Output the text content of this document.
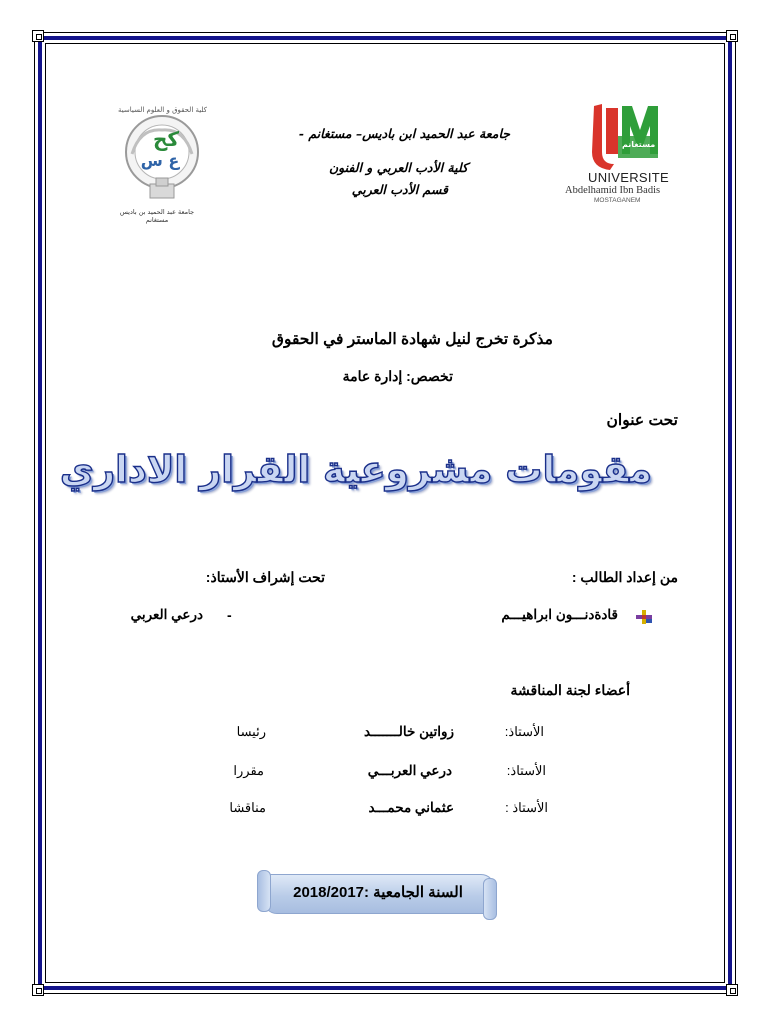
كح
ع س
كلية الحقوق و العلوم السياسية
جامعة عبد الحميد بن باديس مستغانم
جامعة مستغانم
UNIVERSITE
Abdelhamid Ibn Badis
MOSTAGANEM
جامعة عبد الحميد ابن باديس– مستغانم -
كلية الأدب العربي و الفنون
قسم الأدب العربي
مذكرة تخرج لنيل شهادة الماستر في الحقوق
تخصص: إدارة عامة
تحت عنوان
مقومات مشروعية القرار الاداري
من إعداد الطالب :
تحت إشراف الأستاذ:
قادةدنـــون ابراهيـــم
-
درعي العربي
أعضاء لجنة المناقشة
الأستاذ:
زواتين خالـــــــد
رئيسا
الأستاذ:
درعي العربـــي
مقررا
الأستاذ :
عثماني محمـــد
مناقشا
السنة الجامعية :2018/2017
